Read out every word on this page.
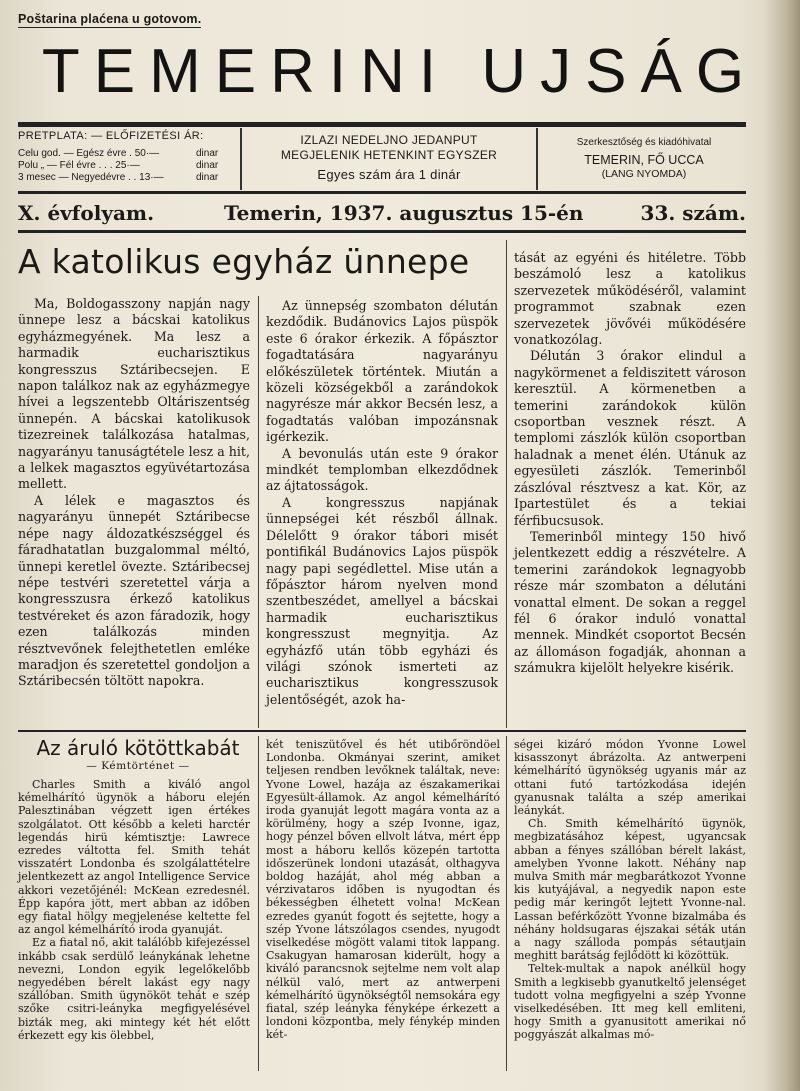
Poštarina plaćena u gotovom.
TEMERINI UJSÁG
PRETPLATA: — ELŐFIZETÉSI ÁR:
Celu god. — Egész évre . 50·—	dinar
Polu „ — Fél évre . . . 25·—	dinar
3 mesec — Negyedévre . . 13·—	dinar
IZLAZI NEDELJNO JEDANPUT
MEGJELENIK HETENKINT EGYSZER
Egyes szám ára 1 dinár
Szerkesztőség és kiadóhivatal
TEMERIN, FŐ UCCA
(LANG NYOMDA)
X. évfolyam.	Temerin, 1937. augusztus 15-én	33. szám.
A katolikus egyház ünnepe

Ma, Boldogasszony napján nagy ünnepe lesz a bácskai katolikus egyházmegyének. Ma lesz a harmadik eucharisztikus kongresszus Sztáribecsejen. E napon találkoz nak az egyházmegye hívei a legszentebb Oltáriszentség ünnepén. A bácskai katolikusok tizezreinek találkozása hatalmas, nagyarányu tanuságtétele lesz a hit, a lelkek magasztos együvétartozása mellett.

A lélek e magasztos és nagyarányu ünnepét Sztáribecse népe nagy áldozatkészséggel és fáradhatatlan buzgalommal méltó, ünnepi keretlel övezte. Sztáribecsej népe testvéri szeretettel várja a kongresszusra érkező katolikus testvéreket és azon fáradozik, hogy ezen találkozás minden résztvevőnek felejthetetlen emléke maradjon és szeretettel gondoljon a Sztáribecsén töltött napokra.

Az ünnepség szombaton délután kezdődik. Budánovics Lajos püspök este 6 órakor érkezik. A főpásztor fogadtatására nagyarányu előkészületek történtek. Miután a közeli községekből a zarándokok nagyrésze már akkor Becsén lesz, a fogadtatás valóban impozánsnak igérkezik.

A bevonulás után este 9 órakor mindkét templomban elkezdődnek az ájtatosságok.

A kongresszus napjának ünnepségei két részből állnak. Délelőtt 9 órakor tábori misét pontifikál Budánovics Lajos püspök nagy papi segédlettel. Mise után a főpásztor három nyelven mond szentbeszédet, amellyel a bácskai harmadik eucharisztikus kongresszust megnyitja. Az egyházfő után több egyházi és világi szónok ismerteti az eucharisztikus kongresszusok jelentőségét, azok ha-

tását az egyéni és hitéletre. Több beszámoló lesz a katolikus szervezetek működéséről, valamint programmot szabnak ezen szervezetek jövővéi működésére vonatkozólag.

Délután 3 órakor elindul a nagykörmenet a feldiszitett városon keresztül. A körmenetben a temerini zarándokok külön csoportban vesznek részt. A templomi zászlók külön csoportban haladnak a menet élén. Utánuk az egyesületi zászlók. Temerinből zászlóval résztvesz a kat. Kör, az Ipartestület és a tekiai férfibucsusok.

Temerinből mintegy 150 hivő jelentkezett eddig a részvételre. A temerini zarándokok legnagyobb része már szombaton a délutáni vonattal elment. De sokan a reggel fél 6 órakor induló vonattal mennek. Mindkét csoportot Becsén az állomáson fogadják, ahonnan a számukra kijelölt helyekre kisérik.

Az áruló kötöttkabát
— Kémtörténet —

Charles Smith a kiváló angol kémelhárító ügynök a háboru elején Palesztinában végzett igen értékes szolgálatot. Ott később a keleti harctér legendás hirü kémtisztje: Lawrece ezredes váltotta fel. Smith tehát visszatért Londonba és szolgálattételre jelentkezett az angol Intelligence Service akkori vezetőjénél: McKean ezredesnél. Épp kapóra jött, mert abban az időben egy fiatal hölgy megjelenése keltette fel az angol kémelhárító iroda gyanuját.

Ez a fiatal nő, akit találóbb kifejezéssel inkább csak serdülő leánykának lehetne nevezni, London egyik legelőkelőbb negyedében bérelt lakást egy nagy szállóban. Smith ügynököt tehát e szép szőke csitri-leányka megfigyelésével bizták meg, aki mintegy két hét előtt érkezett egy kis ölebbel,

két teniszütővel és hét utibőröndöel Londonba. Okmányai szerint, amiket teljesen rendben levőknek találtak, neve: Yvone Lowel, hazája az északamerikai Egyesült-államok. Az angol kémelhárító iroda gyanuját legott magára vonta az a körülmény, hogy a szép Ivonne, igaz, hogy pénzel bőven ellvolt látva, mért épp most a háboru kellős közepén tartotta időszerünek londoni utazását, olthagyva boldog hazáját, ahol még abban a vérzivataros időben is nyugodtan és békességben élhetett volna! McKean ezredes gyanút fogott és sejtette, hogy a szép Yvone látszólagos csendes, nyugodt viselkedése mögött valami titok lappang. Csakugyan hamarosan kiderült, hogy a kiváló parancsnok sejtelme nem volt alap nélkül való, mert az antwerpeni kémelhárító ügynökségtől nemsokára egy fiatal, szép leányka fényképe érkezett a londoni központba, mely fénykép minden két-

ségei kizáró módon Yvonne Lowel kisasszonyt ábrázolta. Az antwerpeni kémelhárító ügynökség ugyanis már az ottani futó tartózkodása idején gyanusnak találta a szép amerikai leánykát.

Ch. Smith kémelhárító ügynök, megbizatásához képest, ugyancsak abban a fényes szállóban bérelt lakást, amelyben Yvonne lakott. Néhány nap mulva Smith már megbarátkozot Yvonne kis kutyájával, a negyedik napon este pedig már keringőt lejtett Yvonne-nal. Lassan beférkőzött Yvonne bizalmába és néhány holdsugaras éjszakai séták után a nagy szálloda pompás sétautjain meghitt barátság fejlődött ki közöttük.

Teltek-multak a napok anélkül hogy Smith a legkisebb gyanutkeltő jelenséget tudott volna megfigyelni a szép Yvonne viselkedésében. Itt meg kell emliteni, hogy Smith a gyanusitott amerikai nő poggyászát alkalmas mó-
